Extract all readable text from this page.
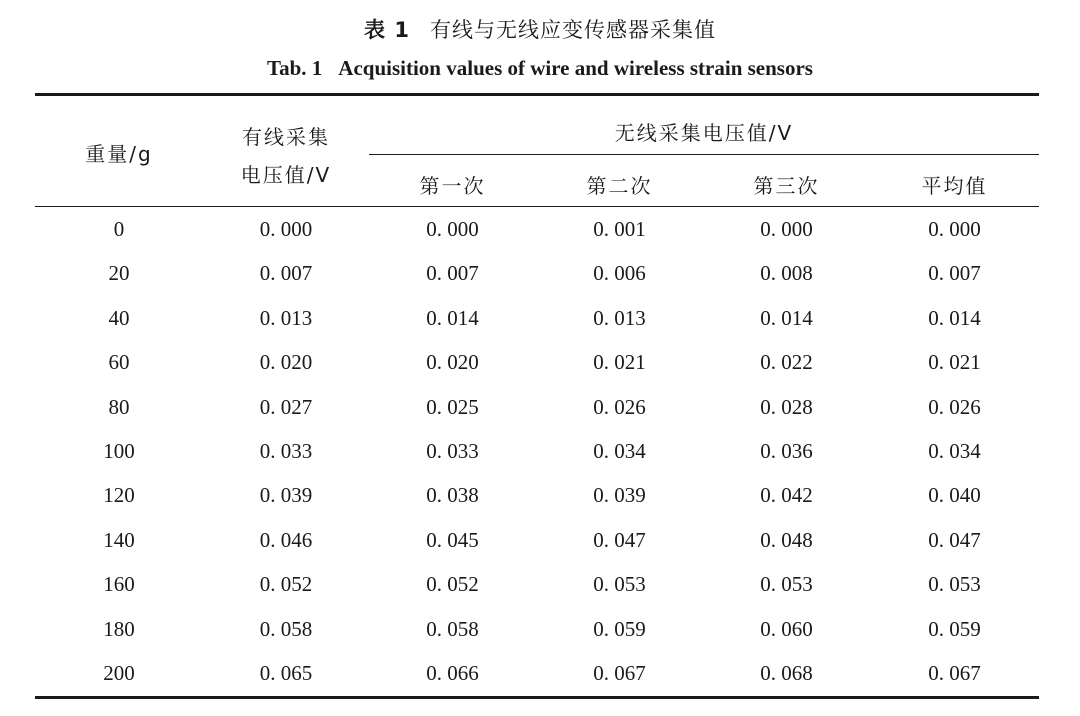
表 1 有线与无线应变传感器采集值
Tab. 1 Acquisition values of wire and wireless strain sensors
重量/g
有线采集
电压值/V
无线采集电压值/V
第一次	第二次	第三次	平均值
0	0. 000	0. 000	0. 001	0. 000	0. 000
20	0. 007	0. 007	0. 006	0. 008	0. 007
40	0. 013	0. 014	0. 013	0. 014	0. 014
60	0. 020	0. 020	0. 021	0. 022	0. 021
80	0. 027	0. 025	0. 026	0. 028	0. 026
100	0. 033	0. 033	0. 034	0. 036	0. 034
120	0. 039	0. 038	0. 039	0. 042	0. 040
140	0. 046	0. 045	0. 047	0. 048	0. 047
160	0. 052	0. 052	0. 053	0. 053	0. 053
180	0. 058	0. 058	0. 059	0. 060	0. 059
200	0. 065	0. 066	0. 067	0. 068	0. 067
